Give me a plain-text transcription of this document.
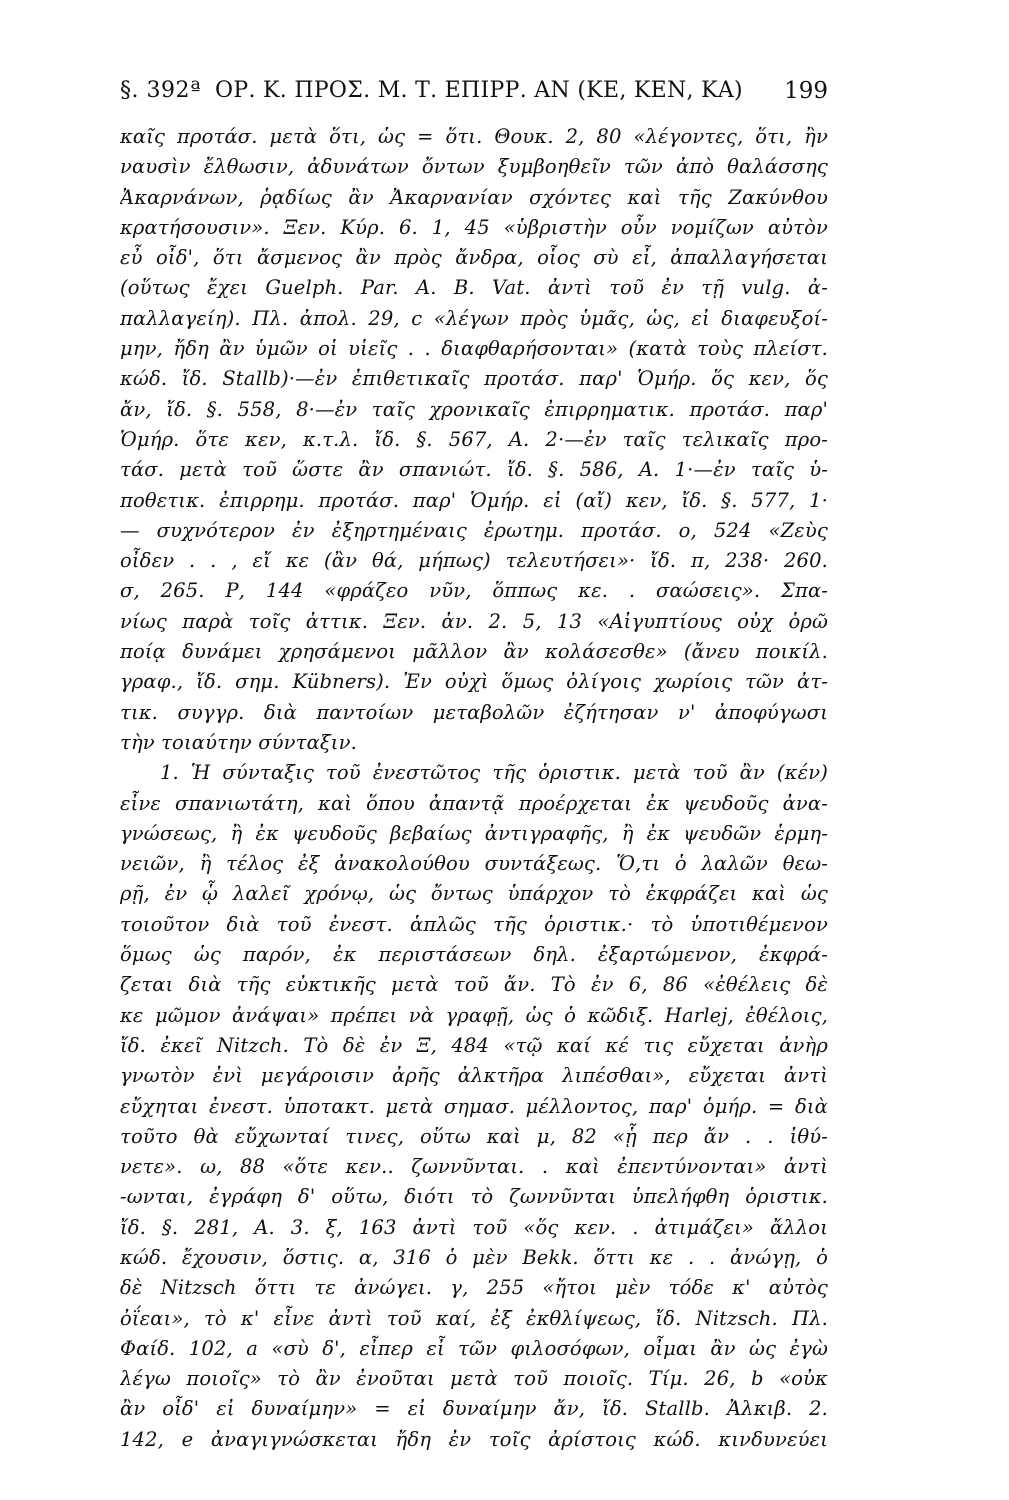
§. 392ª ΟΡ. Κ. ΠΡΟΣ. Μ. Τ. ΕΠΙΡΡ. ΑΝ (ΚΕ, ΚΕΝ, ΚΑ) 199
καῖς προτάσ. μετὰ ὅτι, ὡς = ὅτι. Θουκ. 2, 80 «λέγοντες, ὅτι, ἢν
ναυσὶν ἔλθωσιν, ἀδυνάτων ὄντων ξυμβοηθεῖν τῶν ἀπὸ θαλάσσης
Ἀκαρνάνων, ῥᾳδίως ἂν Ἀκαρνανίαν σχόντες καὶ τῆς Ζακύνθου
κρατήσουσιν». Ξεν. Κύρ. 6. 1, 45 «ὑβριστὴν οὖν νομίζων αὐτὸν
εὖ οἶδ', ὅτι ἄσμενος ἂν πρὸς ἄνδρα, οἷος σὺ εἶ, ἀπαλλαγήσεται
(οὕτως ἔχει Guelph. Par. A. B. Vat. ἀντὶ τοῦ ἐν τῇ vulg. ἀ-
παλλαγείη). Πλ. ἀπολ. 29, c «λέγων πρὸς ὑμᾶς, ὡς, εἰ διαφευξοί-
μην, ἤδη ἂν ὑμῶν οἱ υἱεῖς . . διαφθαρήσονται» (κατὰ τοὺς πλείστ.
κώδ. ἴδ. Stallb)·—ἐν ἐπιθετικαῖς προτάσ. παρ' Ὁμήρ. ὅς κεν, ὅς
ἄν, ἴδ. §. 558, 8·—ἐν ταῖς χρονικαῖς ἐπιρρηματικ. προτάσ. παρ'
Ὁμήρ. ὅτε κεν, κ.τ.λ. ἴδ. §. 567, A. 2·—ἐν ταῖς τελικαῖς προ-
τάσ. μετὰ τοῦ ὥστε ἂν σπανιώτ. ἴδ. §. 586, A. 1·—ἐν ταῖς ὑ-
ποθετικ. ἐπιρρημ. προτάσ. παρ' Ὁμήρ. εἰ (αἴ) κεν, ἴδ. §. 577, 1·
— συχνότερον ἐν ἐξηρτημέναις ἐρωτημ. προτάσ. ο, 524 «Ζεὺς
οἶδεν . . , εἴ κε (ἂν θά, μήπως) τελευτήσει»· ἴδ. π, 238· 260.
σ, 265. Ρ, 144 «φράζεο νῦν, ὅππως κε. . σαώσεις». Σπα-
νίως παρὰ τοῖς ἀττικ. Ξεν. ἀν. 2. 5, 13 «Αἰγυπτίους οὐχ ὁρῶ
ποίᾳ δυνάμει χρησάμενοι μᾶλλον ἂν κολάσεσθε» (ἄνευ ποικίλ.
γραφ., ἴδ. σημ. Kübners). Ἐν οὐχὶ ὅμως ὀλίγοις χωρίοις τῶν ἀτ-
τικ. συγγρ. διὰ παντοίων μεταβολῶν ἐζήτησαν ν' ἀποφύγωσι
τὴν τοιαύτην σύνταξιν.
1. Ἡ σύνταξις τοῦ ἐνεστῶτος τῆς ὁριστικ. μετὰ τοῦ ἂν (κέν)
εἶνε σπανιωτάτη, καὶ ὅπου ἀπαντᾷ προέρχεται ἐκ ψευδοῦς ἀνα-
γνώσεως, ἢ ἐκ ψευδοῦς βεβαίως ἀντιγραφῆς, ἢ ἐκ ψευδῶν ἑρμη-
νειῶν, ἢ τέλος ἐξ ἀνακολούθου συντάξεως. Ὅ,τι ὁ λαλῶν θεω-
ρῇ, ἐν ᾧ λαλεῖ χρόνῳ, ὡς ὄντως ὑπάρχον τὸ ἐκφράζει καὶ ὡς
τοιοῦτον διὰ τοῦ ἐνεστ. ἁπλῶς τῆς ὁριστικ.· τὸ ὑποτιθέμενον
ὅμως ὡς παρόν, ἐκ περιστάσεων δηλ. ἐξαρτώμενον, ἐκφρά-
ζεται διὰ τῆς εὐκτικῆς μετὰ τοῦ ἄν. Τὸ ἐν 6, 86 «ἐθέλεις δὲ
κε μῶμον ἀνάψαι» πρέπει νὰ γραφῇ, ὡς ὁ κῶδιξ. Harlej, ἐθέλοις,
ἴδ. ἐκεῖ Nitzch. Τὸ δὲ ἐν Ξ, 484 «τῷ καί κέ τις εὔχεται ἀνὴρ
γνωτὸν ἐνὶ μεγάροισιν ἀρῆς ἀλκτῆρα λιπέσθαι», εὔχεται ἀντὶ
εὔχηται ἐνεστ. ὑποτακτ. μετὰ σημασ. μέλλοντος, παρ' ὁμήρ. = διὰ
τοῦτο θὰ εὔχωνταί τινες, οὕτω καὶ μ, 82 «ᾗ περ ἄν . . ἰθύ-
νετε». ω, 88 «ὅτε κεν.. ζωννῦνται. . καὶ ἐπεντύνονται» ἀντὶ
-ωνται, ἐγράφη δ' οὕτω, διότι τὸ ζωννῦνται ὑπελήφθη ὁριστικ.
ἴδ. §. 281, A. 3. ξ, 163 ἀντὶ τοῦ «ὅς κεν. . ἀτιμάζει» ἄλλοι
κώδ. ἔχουσιν, ὅστις. α, 316 ὁ μὲν Bekk. ὅττι κε . . ἀνώγῃ, ὁ
δὲ Nitzsch ὅττι τε ἀνώγει. γ, 255 «ἤτοι μὲν τόδε κ' αὐτὸς
ὀΐεαι», τὸ κ' εἶνε ἀντὶ τοῦ καί, ἐξ ἐκθλίψεως, ἴδ. Nitzsch. Πλ.
Φαίδ. 102, a «σὺ δ', εἶπερ εἶ τῶν φιλοσόφων, οἶμαι ἂν ὡς ἐγὼ
λέγω ποιοῖς» τὸ ἂν ἐνοῦται μετὰ τοῦ ποιοῖς. Τίμ. 26, b «οὐκ
ἂν οἶδ' εἰ δυναίμην» = εἰ δυναίμην ἄν, ἴδ. Stallb. Ἀλκιβ. 2.
142, e ἀναγιγνώσκεται ἤδη ἐν τοῖς ἀρίστοις κώδ. κινδυνεύει
